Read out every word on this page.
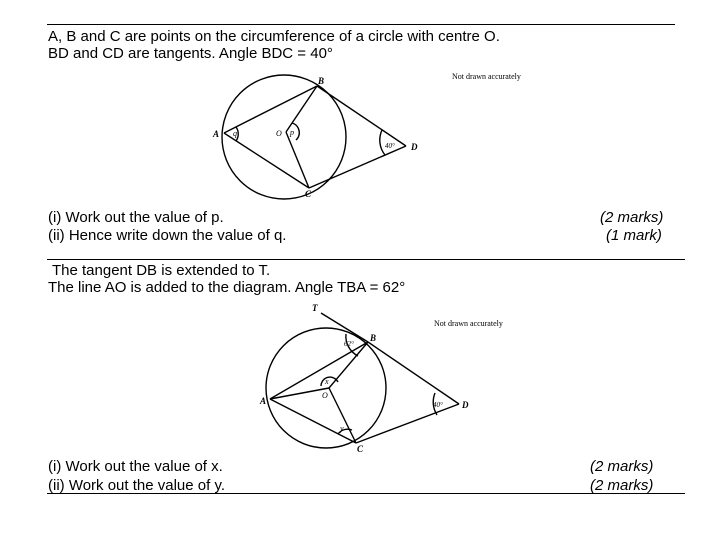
A, B and C are points on the circumference of a circle with centre O.
BD and CD are tangents. Angle BDC = 40°
Not drawn accurately
A
B
C
D
O p
q
40°
(i) Work out the value of p.	(2 marks)
(ii) Hence write down the value of q.	(1 mark)
The tangent DB is extended to T.
The line AO is added to the diagram. Angle TBA = 62°
Not drawn accurately
T
A
B
C
D
O
x
y
62°
40°
(i) Work out the value of x.	(2 marks)
(ii) Work out the value of y.	(2 marks)
